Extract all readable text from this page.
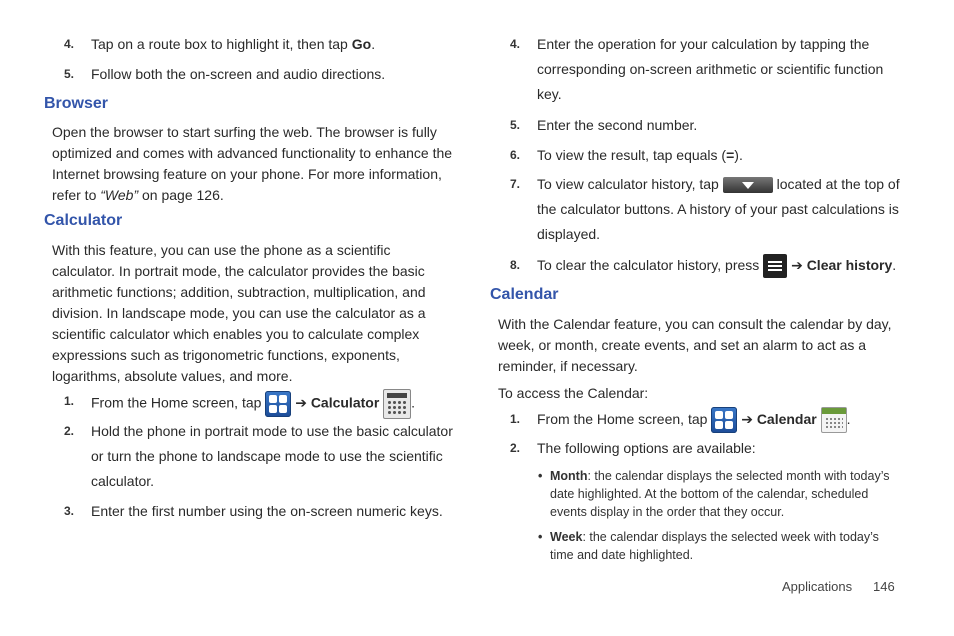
4.	Tap on a route box to highlight it, then tap Go.
5.	Follow both the on-screen and audio directions.
Browser
Open the browser to start surfing the web. The browser is fully optimized and comes with advanced functionality to enhance the Internet browsing feature on your phone. For more information, refer to “Web” on page 126.
Calculator
With this feature, you can use the phone as a scientific calculator. In portrait mode, the calculator provides the basic arithmetic functions; addition, subtraction, multiplication, and division. In landscape mode, you can use the calculator as a scientific calculator which enables you to calculate complex expressions such as trigonometric functions, exponents, logarithms, absolute values, and more.
1.	From the Home screen, tap
➔ Calculator .
2.	Hold the phone in portrait mode to use the basic calculator or turn the phone to landscape mode to use the scientific calculator.
3.	Enter the first number using the on-screen numeric keys.
4.	Enter the operation for your calculation by tapping the corresponding on-screen arithmetic or scientific function key.
5.	Enter the second number.
6.	To view the result, tap equals (=).
7.	To view calculator history, tap	located at the top of the calculator buttons. A history of your past calculations is displayed.
8.	To clear the calculator history, press
➔ Clear history.
Calendar
With the Calendar feature, you can consult the calendar by day, week, or month, create events, and set an alarm to act as a reminder, if necessary.
To access the Calendar:
1.	From the Home screen, tap
➔ Calendar .
2.	The following options are available:
• Month: the calendar displays the selected month with today’s date highlighted. At the bottom of the calendar, scheduled events display in the order that they occur.
• Week: the calendar displays the selected week with today’s time and date highlighted.
Applications 146
